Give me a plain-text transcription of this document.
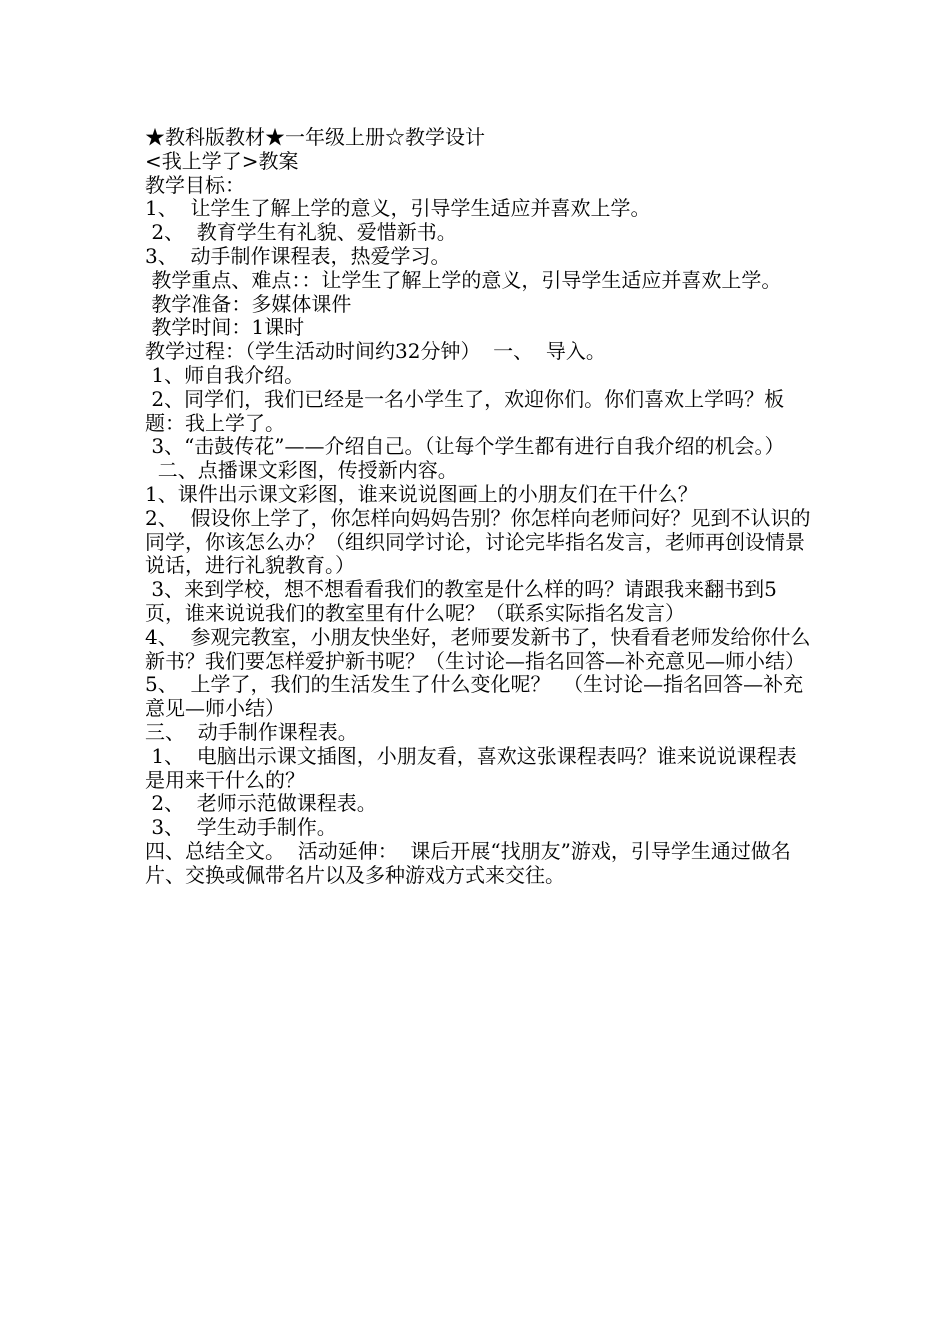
★教科版教材★一年级上册☆教学设计
<我上学了>教案
教学目标：
1、  让学生了解上学的意义，引导学生适应并喜欢上学。
2、  教育学生有礼貌、爱惜新书。
3、  动手制作课程表，热爱学习。
教学重点、难点：：让学生了解上学的意义，引导学生适应并喜欢上学。
教学准备：多媒体课件
教学时间：1课时
教学过程：（学生活动时间约32分钟）  一、  导入。
1、师自我介绍。
2、同学们，我们已经是一名小学生了，欢迎你们。你们喜欢上学吗？板题：我上学了。
3、“击鼓传花”——介绍自己。（让每个学生都有进行自我介绍的机会。）
二、点播课文彩图，传授新内容。
1、课件出示课文彩图，谁来说说图画上的小朋友们在干什么？
2、  假设你上学了，你怎样向妈妈告别？你怎样向老师问好？见到不认识的同学，你该怎么办？（组织同学讨论，讨论完毕指名发言，老师再创设情景说话，进行礼貌教育。）
3、来到学校，想不想看看我们的教室是什么样的吗？请跟我来翻书到5页，谁来说说我们的教室里有什么呢？（联系实际指名发言）
4、  参观完教室，小朋友快坐好，老师要发新书了，快看看老师发给你什么新书？我们要怎样爱护新书呢？（生讨论—指名回答—补充意见—师小结）
5、  上学了，我们的生活发生了什么变化呢？  （生讨论—指名回答—补充意见—师小结）
三、  动手制作课程表。
1、  电脑出示课文插图，小朋友看，喜欢这张课程表吗？谁来说说课程表是用来干什么的？
2、  老师示范做课程表。
3、  学生动手制作。
四、总结全文。  活动延伸：  课后开展“找朋友”游戏，引导学生通过做名片、交换或佩带名片以及多种游戏方式来交往。
